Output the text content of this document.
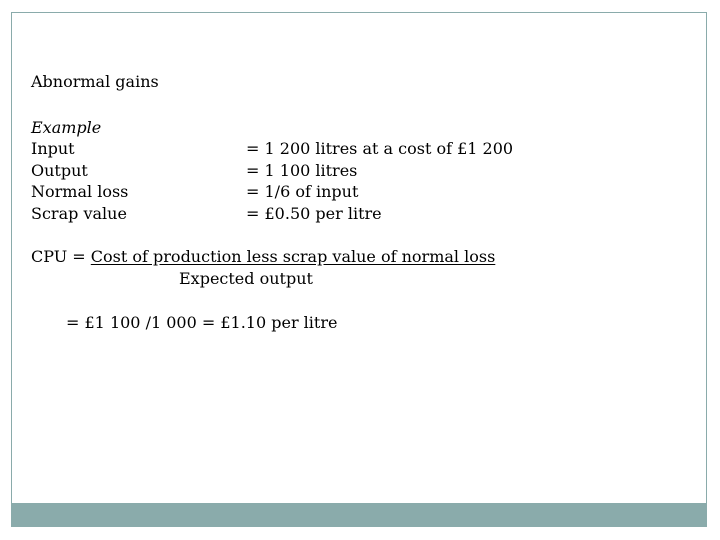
Abnormal gains
Example
Input	= 1 200 litres at a cost of £1 200
Output	= 1 100 litres
Normal loss	= 1/6 of input
Scrap value	= £0.50 per litre
CPU = Cost of production less scrap value of normal loss
Expected output
= £1 100 /1 000 = £1.10 per litre
